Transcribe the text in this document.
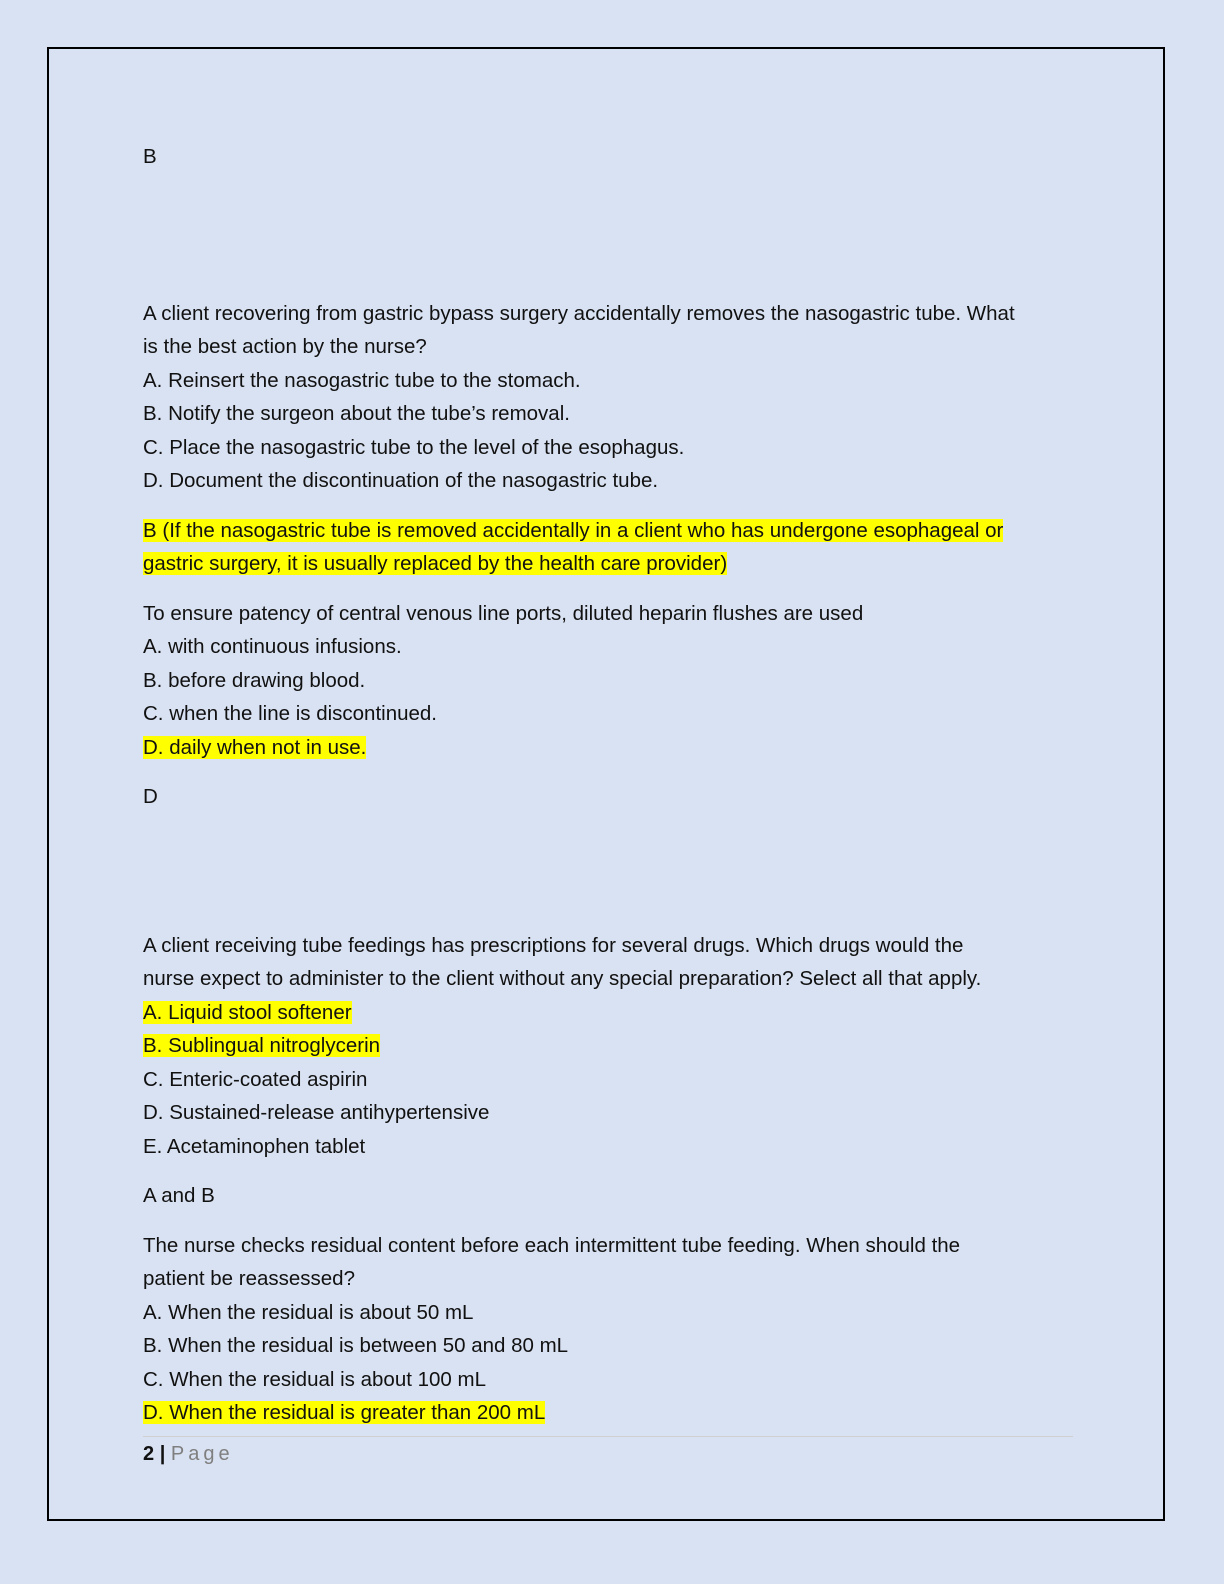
B
A client recovering from gastric bypass surgery accidentally removes the nasogastric tube. What
is the best action by the nurse?
A. Reinsert the nasogastric tube to the stomach.
B. Notify the surgeon about the tube’s removal.
C. Place the nasogastric tube to the level of the esophagus.
D. Document the discontinuation of the nasogastric tube.
B (If the nasogastric tube is removed accidentally in a client who has undergone esophageal or
gastric surgery, it is usually replaced by the health care provider)
To ensure patency of central venous line ports, diluted heparin flushes are used
A. with continuous infusions.
B. before drawing blood.
C. when the line is discontinued.
D. daily when not in use.
D
A client receiving tube feedings has prescriptions for several drugs. Which drugs would the
nurse expect to administer to the client without any special preparation? Select all that apply.
A. Liquid stool softener
B. Sublingual nitroglycerin
C. Enteric-coated aspirin
D. Sustained-release antihypertensive
E. Acetaminophen tablet
A and B
The nurse checks residual content before each intermittent tube feeding. When should the
patient be reassessed?
A. When the residual is about 50 mL
B. When the residual is between 50 and 80 mL
C. When the residual is about 100 mL
D. When the residual is greater than 200 mL
2 | Page
